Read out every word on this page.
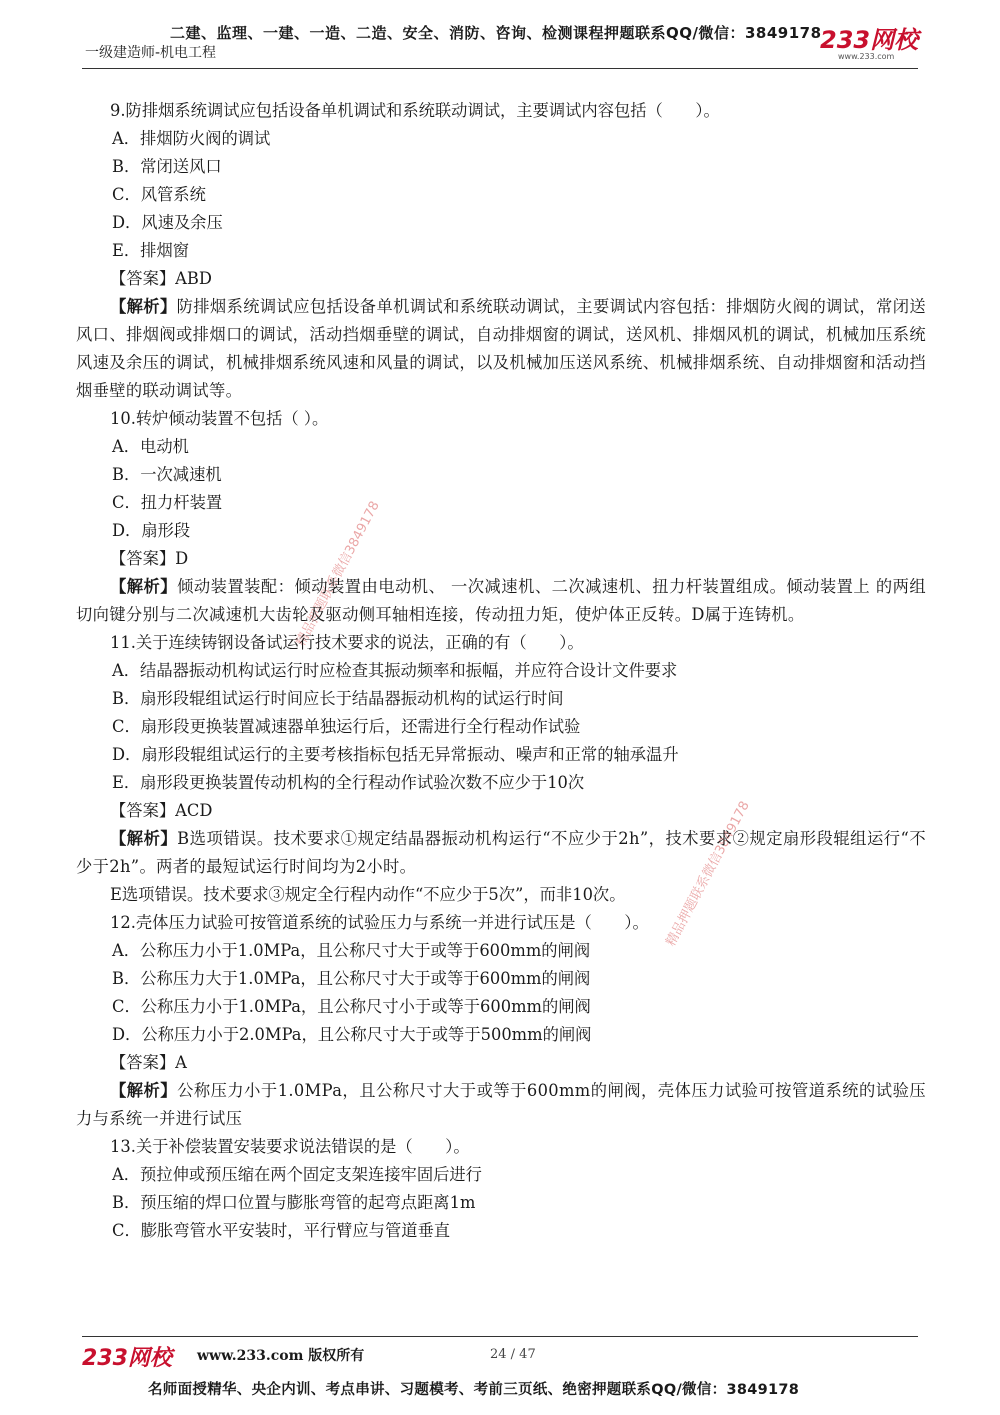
二建、监理、一建、一造、二造、安全、消防、咨询、检测课程押题联系QQ/微信：3849178
一级建造师-机电工程	233网校
www.233.com
精品押题联系微信3849178
精品押题联系微信3849178
9.防排烟系统调试应包括设备单机调试和系统联动调试，主要调试内容包括（　　）。
A．排烟防火阀的调试
B．常闭送风口
C．风管系统
D．风速及余压
E．排烟窗
【答案】ABD
【解析】防排烟系统调试应包括设备单机调试和系统联动调试，主要调试内容包括：排烟防火阀的调试，常闭送风口、排烟阀或排烟口的调试，活动挡烟垂壁的调试，自动排烟窗的调试，送风机、排烟风机的调试，机械加压系统风速及余压的调试，机械排烟系统风速和风量的调试，以及机械加压送风系统、机械排烟系统、自动排烟窗和活动挡烟垂壁的联动调试等。
10.转炉倾动装置不包括（ ）。
A．电动机
B．一次减速机
C．扭力杆装置
D．扇形段
【答案】D
【解析】倾动装置装配：倾动装置由电动机、 一次减速机、二次减速机、扭力杆装置组成。倾动装置上 的两组切向键分别与二次减速机大齿轮及驱动侧耳轴相连接，传动扭力矩，使炉体正反转。D属于连铸机。
11.关于连续铸钢设备试运行技术要求的说法，正确的有（　　）。
A．结晶器振动机构试运行时应检查其振动频率和振幅，并应符合设计文件要求
B．扇形段辊组试运行时间应长于结晶器振动机构的试运行时间
C．扇形段更换装置减速器单独运行后，还需进行全行程动作试验
D．扇形段辊组试运行的主要考核指标包括无异常振动、噪声和正常的轴承温升
E．扇形段更换装置传动机构的全行程动作试验次数不应少于10次
【答案】ACD
【解析】B选项错误。技术要求①规定结晶器振动机构运行“不应少于2h”，技术要求②规定扇形段辊组运行“不少于2h”。两者的最短试运行时间均为2小时。
E选项错误。技术要求③规定全行程内动作“不应少于5次”，而非10次。
12.壳体压力试验可按管道系统的试验压力与系统一并进行试压是（　　）。
A．公称压力小于1.0MPa，且公称尺寸大于或等于600mm的闸阀
B．公称压力大于1.0MPa，且公称尺寸大于或等于600mm的闸阀
C．公称压力小于1.0MPa，且公称尺寸小于或等于600mm的闸阀
D．公称压力小于2.0MPa，且公称尺寸大于或等于500mm的闸阀
【答案】A
【解析】公称压力小于1.0MPa，且公称尺寸大于或等于600mm的闸阀，壳体压力试验可按管道系统的试验压力与系统一并进行试压
13.关于补偿装置安装要求说法错误的是（　　）。
A．预拉伸或预压缩在两个固定支架连接牢固后进行
B．预压缩的焊口位置与膨胀弯管的起弯点距离1m
C．膨胀弯管水平安装时，平行臂应与管道垂直
233网校 www.233.com 版权所有	24 / 47
名师面授精华、央企内训、考点串讲、习题模考、考前三页纸、绝密押题联系QQ/微信：3849178
